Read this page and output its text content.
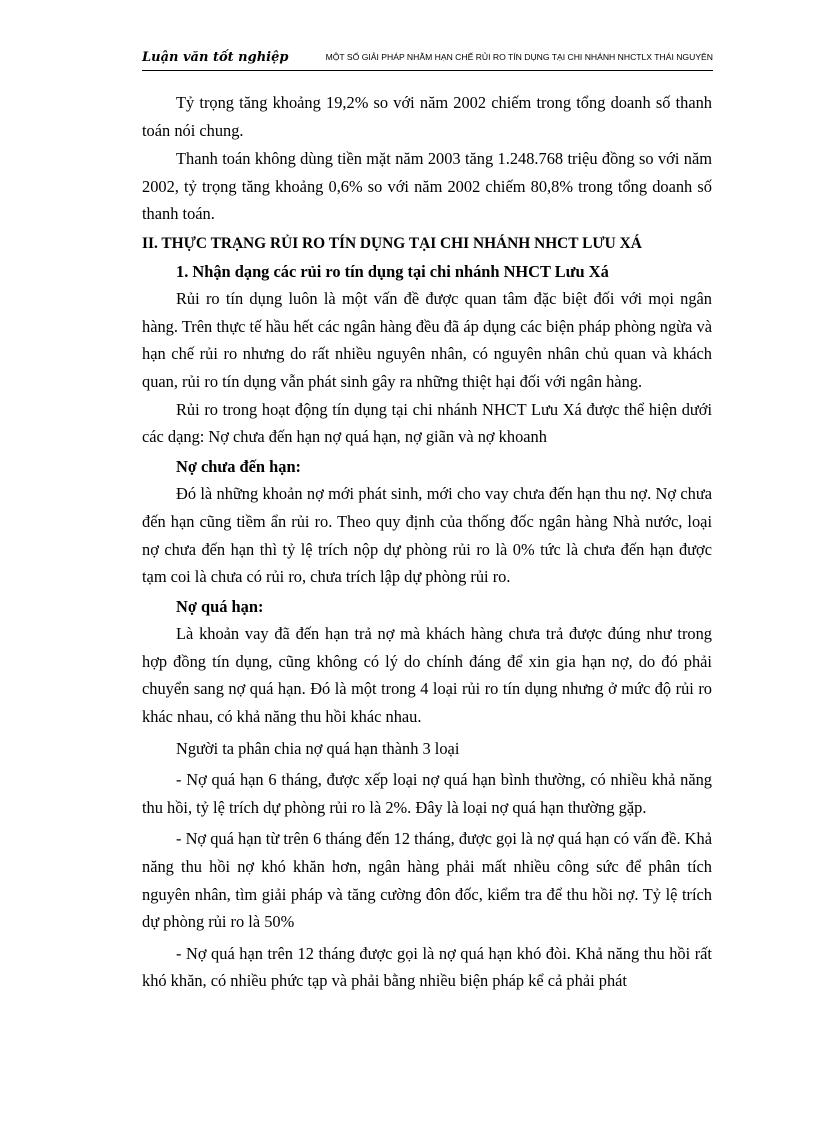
Luận văn tốt nghiệp	MỘT SỐ GIẢI PHÁP NHẰM HẠN CHẾ RỦI RO TÍN DỤNG TẠI CHI NHÁNH NHCTLX THÁI NGUYÊN

Tỷ trọng tăng khoảng 19,2% so với năm 2002 chiếm trong tổng doanh số thanh toán nói chung.

Thanh toán không dùng tiền mặt năm 2003 tăng 1.248.768 triệu đồng so với năm 2002, tỷ trọng tăng khoảng 0,6% so với năm 2002 chiếm 80,8% trong tổng doanh số thanh toán.

II. THỰC TRẠNG RỦI RO TÍN DỤNG TẠI CHI NHÁNH NHCT LƯU XÁ

1. Nhận dạng các rủi ro tín dụng tại chi nhánh NHCT Lưu Xá

Rủi ro tín dụng luôn là một vấn đề được quan tâm đặc biệt đối với mọi ngân hàng. Trên thực tế hầu hết các ngân hàng đều đã áp dụng các biện pháp phòng ngừa và hạn chế rủi ro nhưng do rất nhiều nguyên nhân, có nguyên nhân chủ quan và khách quan, rủi ro tín dụng vẫn phát sinh gây ra những thiệt hại đối với ngân hàng.

Rủi ro trong hoạt động tín dụng tại chi nhánh NHCT Lưu Xá được thể hiện dưới các dạng: Nợ chưa đến hạn nợ quá hạn, nợ giãn và nợ khoanh

Nợ chưa đến hạn:

Đó là những khoản nợ mới phát sinh, mới cho vay chưa đến hạn thu nợ. Nợ chưa đến hạn cũng tiềm ẩn rủi ro. Theo quy định của thống đốc ngân hàng Nhà nước, loại nợ chưa đến hạn thì tỷ lệ trích nộp dự phòng rủi ro là 0% tức là chưa đến hạn được tạm coi là chưa có rủi ro, chưa trích lập dự phòng rủi ro.

Nợ quá hạn:

Là khoản vay đã đến hạn trả nợ mà khách hàng chưa trả được đúng như trong hợp đồng tín dụng, cũng không có lý do chính đáng để xin gia hạn nợ, do đó phải chuyển sang nợ quá hạn. Đó là một trong 4 loại rủi ro tín dụng nhưng ở mức độ rủi ro khác nhau, có khả năng thu hồi khác nhau.

Người ta phân chia nợ quá hạn thành 3 loại

- Nợ quá hạn 6 tháng, được xếp loại nợ quá hạn bình thường, có nhiều khả năng thu hồi, tỷ lệ trích dự phòng rủi ro là 2%. Đây là loại nợ quá hạn thường gặp.

- Nợ quá hạn từ trên 6 tháng đến 12 tháng, được gọi là nợ quá hạn có vấn đề. Khả năng thu hồi nợ khó khăn hơn, ngân hàng phải mất nhiều công sức để phân tích nguyên nhân, tìm giải pháp và tăng cường đôn đốc, kiểm tra để thu hồi nợ. Tỷ lệ trích dự phòng rủi ro là 50%

- Nợ quá hạn trên 12 tháng được gọi là nợ quá hạn khó đòi. Khả năng thu hồi rất khó khăn, có nhiều phức tạp và phải bằng nhiều biện pháp kể cả phải phát
